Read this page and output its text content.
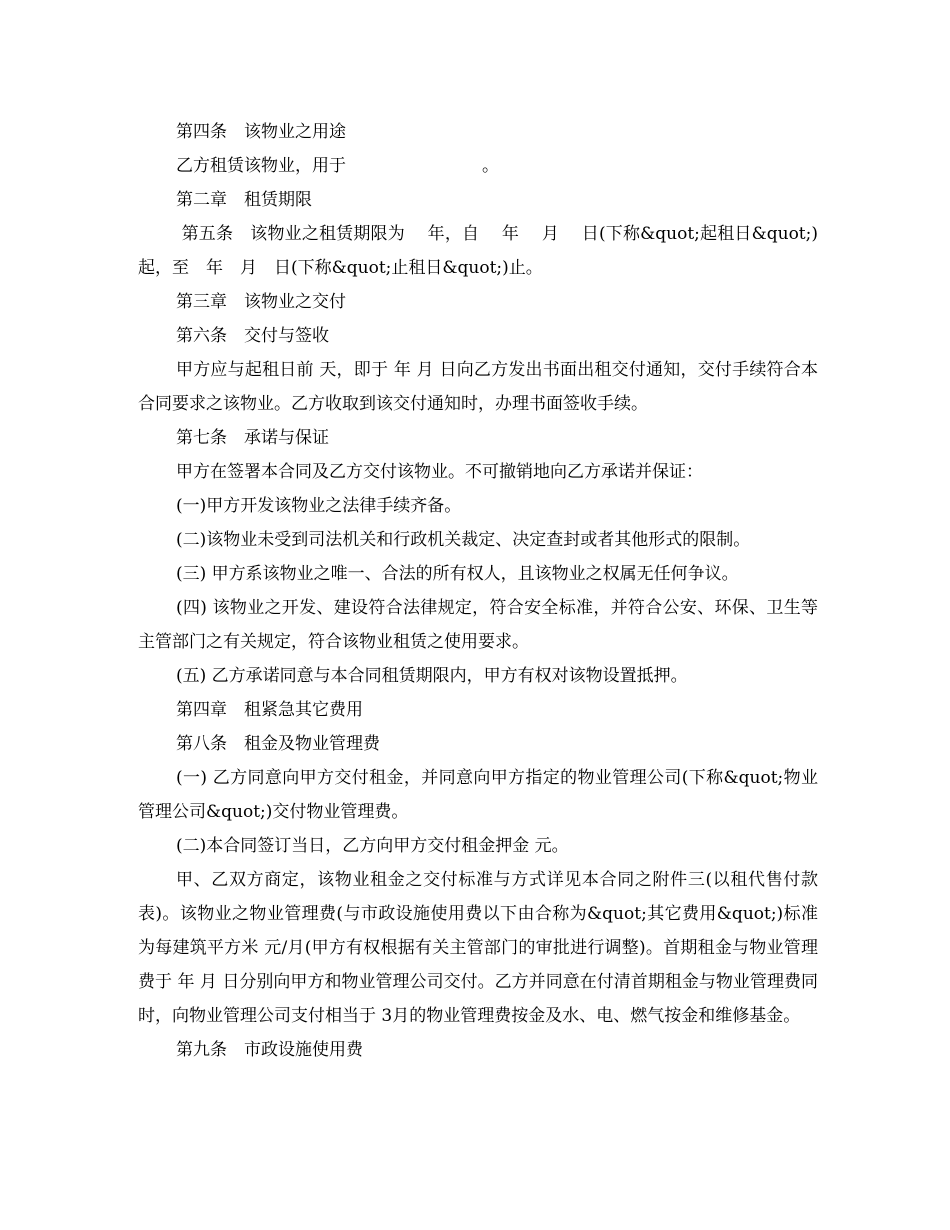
第四条　该物业之用途

乙方租赁该物业，用于　　　　　　　　。

第二章　租赁期限

第五条　该物业之租赁期限为　 年，自　 年　 月　 日(下称&quot;起租日&quot;)起，至　年　月　日(下称&quot;止租日&quot;)止。

第三章　该物业之交付

第六条　交付与签收

甲方应与起租日前 天，即于 年 月 日向乙方发出书面出租交付通知，交付手续符合本合同要求之该物业。乙方收取到该交付通知时，办理书面签收手续。

第七条　承诺与保证

甲方在签署本合同及乙方交付该物业。不可撤销地向乙方承诺并保证：

(一)甲方开发该物业之法律手续齐备。

(二)该物业未受到司法机关和行政机关裁定、决定查封或者其他形式的限制。

(三) 甲方系该物业之唯一、合法的所有权人，且该物业之权属无任何争议。

(四) 该物业之开发、建设符合法律规定，符合安全标准，并符合公安、环保、卫生等主管部门之有关规定，符合该物业租赁之使用要求。

(五) 乙方承诺同意与本合同租赁期限内，甲方有权对该物设置抵押。

第四章　租紧急其它费用

第八条　租金及物业管理费

(一) 乙方同意向甲方交付租金，并同意向甲方指定的物业管理公司(下称&quot;物业管理公司&quot;)交付物业管理费。

(二)本合同签订当日，乙方向甲方交付租金押金 元。

甲、乙双方商定，该物业租金之交付标准与方式详见本合同之附件三(以租代售付款表)。该物业之物业管理费(与市政设施使用费以下由合称为&quot;其它费用&quot;)标准为每建筑平方米 元/月(甲方有权根据有关主管部门的审批进行调整)。首期租金与物业管理费于 年 月 日分别向甲方和物业管理公司交付。乙方并同意在付清首期租金与物业管理费同时，向物业管理公司支付相当于 3月的物业管理费按金及水、电、燃气按金和维修基金。

第九条　市政设施使用费
